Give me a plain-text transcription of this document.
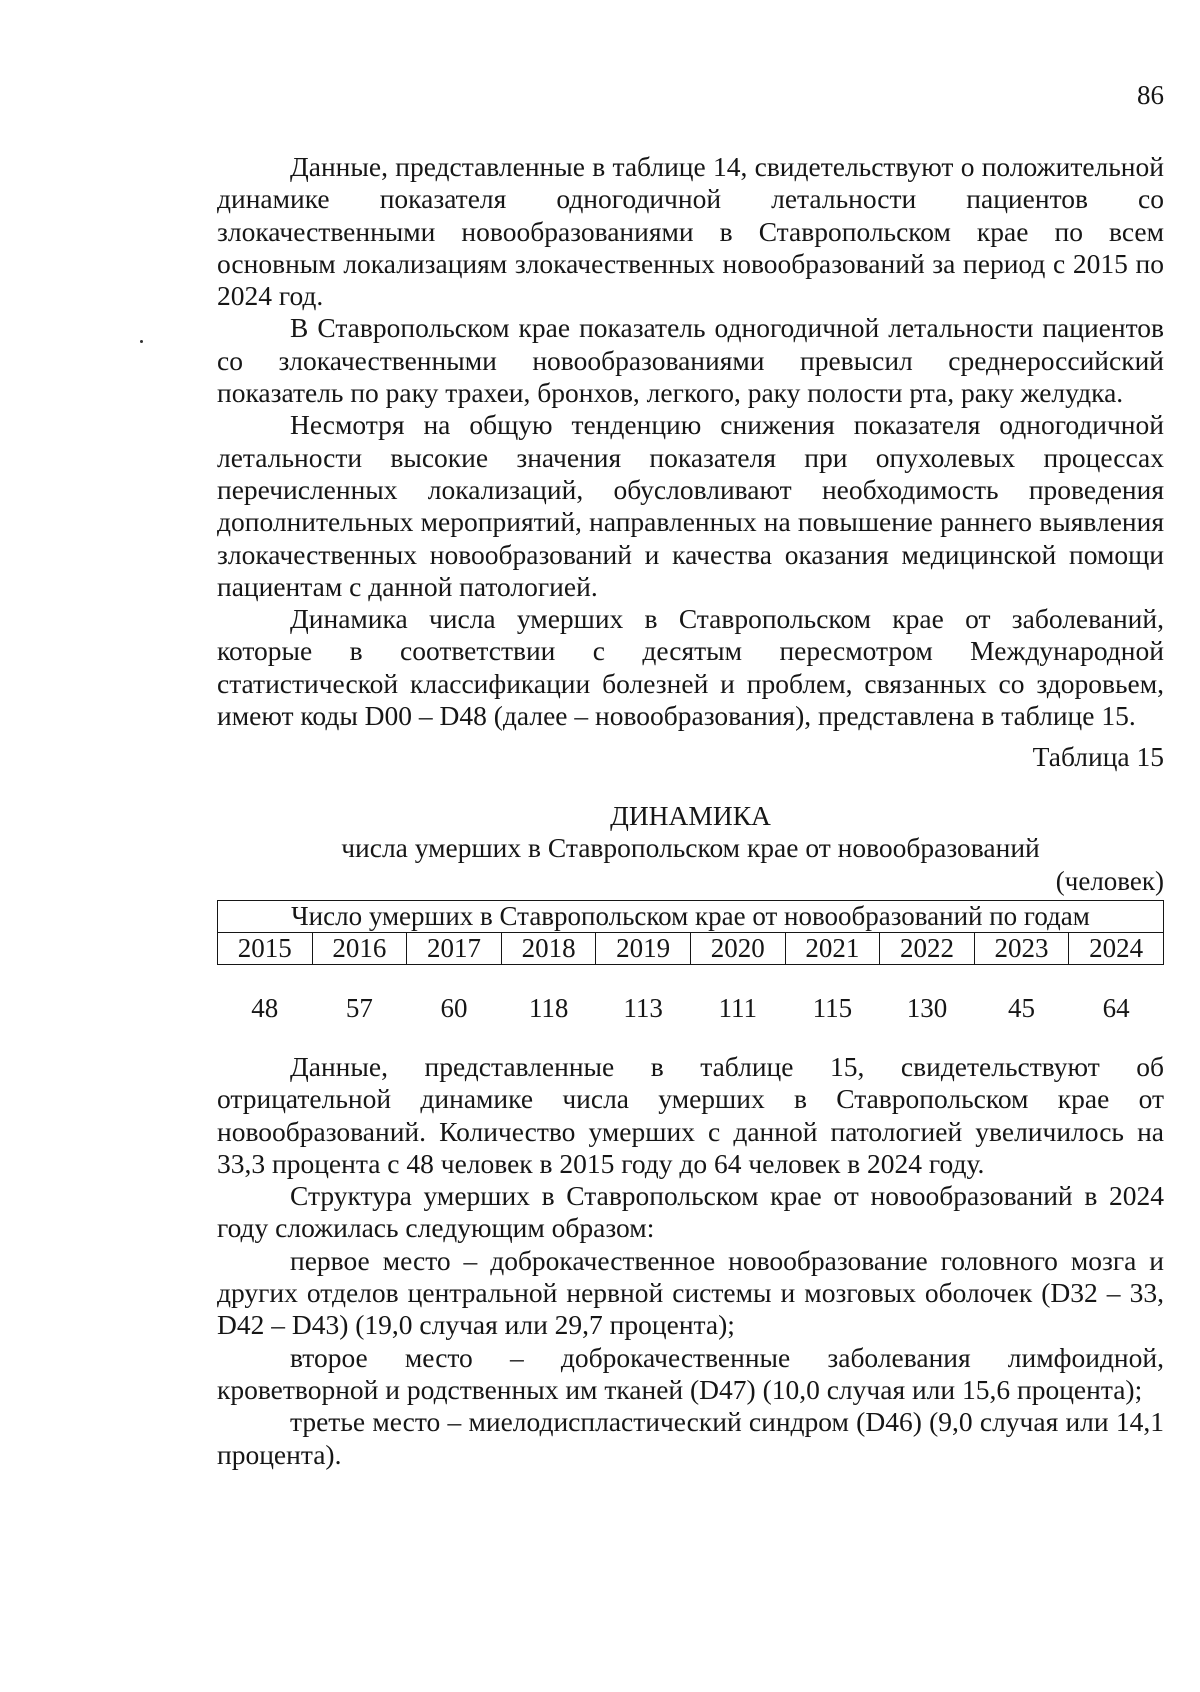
86

Данные, представленные в таблице 14, свидетельствуют о положительной динамике показателя одногодичной летальности пациентов со злокачественными новообразованиями в Ставропольском крае по всем основным локализациям злокачественных новообразований за период с 2015 по 2024 год.

В Ставропольском крае показатель одногодичной летальности пациентов со злокачественными новообразованиями превысил среднероссийский показатель по раку трахеи, бронхов, легкого, раку полости рта, раку желудка.

Несмотря на общую тенденцию снижения показателя одногодичной летальности высокие значения показателя при опухолевых процессах перечисленных локализаций, обусловливают необходимость проведения дополнительных мероприятий, направленных на повышение раннего выявления злокачественных новообразований и качества оказания медицинской помощи пациентам с данной патологией.

Динамика числа умерших в Ставропольском крае от заболеваний, которые в соответствии с десятым пересмотром Международной статистической классификации болезней и проблем, связанных со здоровьем, имеют коды D00 – D48 (далее – новообразования), представлена в таблице 15.

Таблица 15
ДИНАМИКА
числа умерших в Ставропольском крае от новообразований
(человек)
Число умерших в Ставропольском крае от новообразований по годам									
2015	2016	2017	2018	2019	2020	2021	2022	2023	2024
48	57	60	118	113	111	115	130	45	64

Данные, представленные в таблице 15, свидетельствуют об отрицательной динамике числа умерших в Ставропольском крае от новообразований. Количество умерших с данной патологией увеличилось на 33,3 процента с 48 человек в 2015 году до 64 человек в 2024 году.

Структура умерших в Ставропольском крае от новообразований в 2024 году сложилась следующим образом:

первое место – доброкачественное новообразование головного мозга и других отделов центральной нервной системы и мозговых оболочек (D32 – 33, D42 – D43) (19,0 случая или 29,7 процента);

второе место – доброкачественные заболевания лимфоидной, кроветворной и родственных им тканей (D47) (10,0 случая или 15,6 процента);

третье место – миелодиспластический синдром (D46) (9,0 случая или 14,1 процента).
